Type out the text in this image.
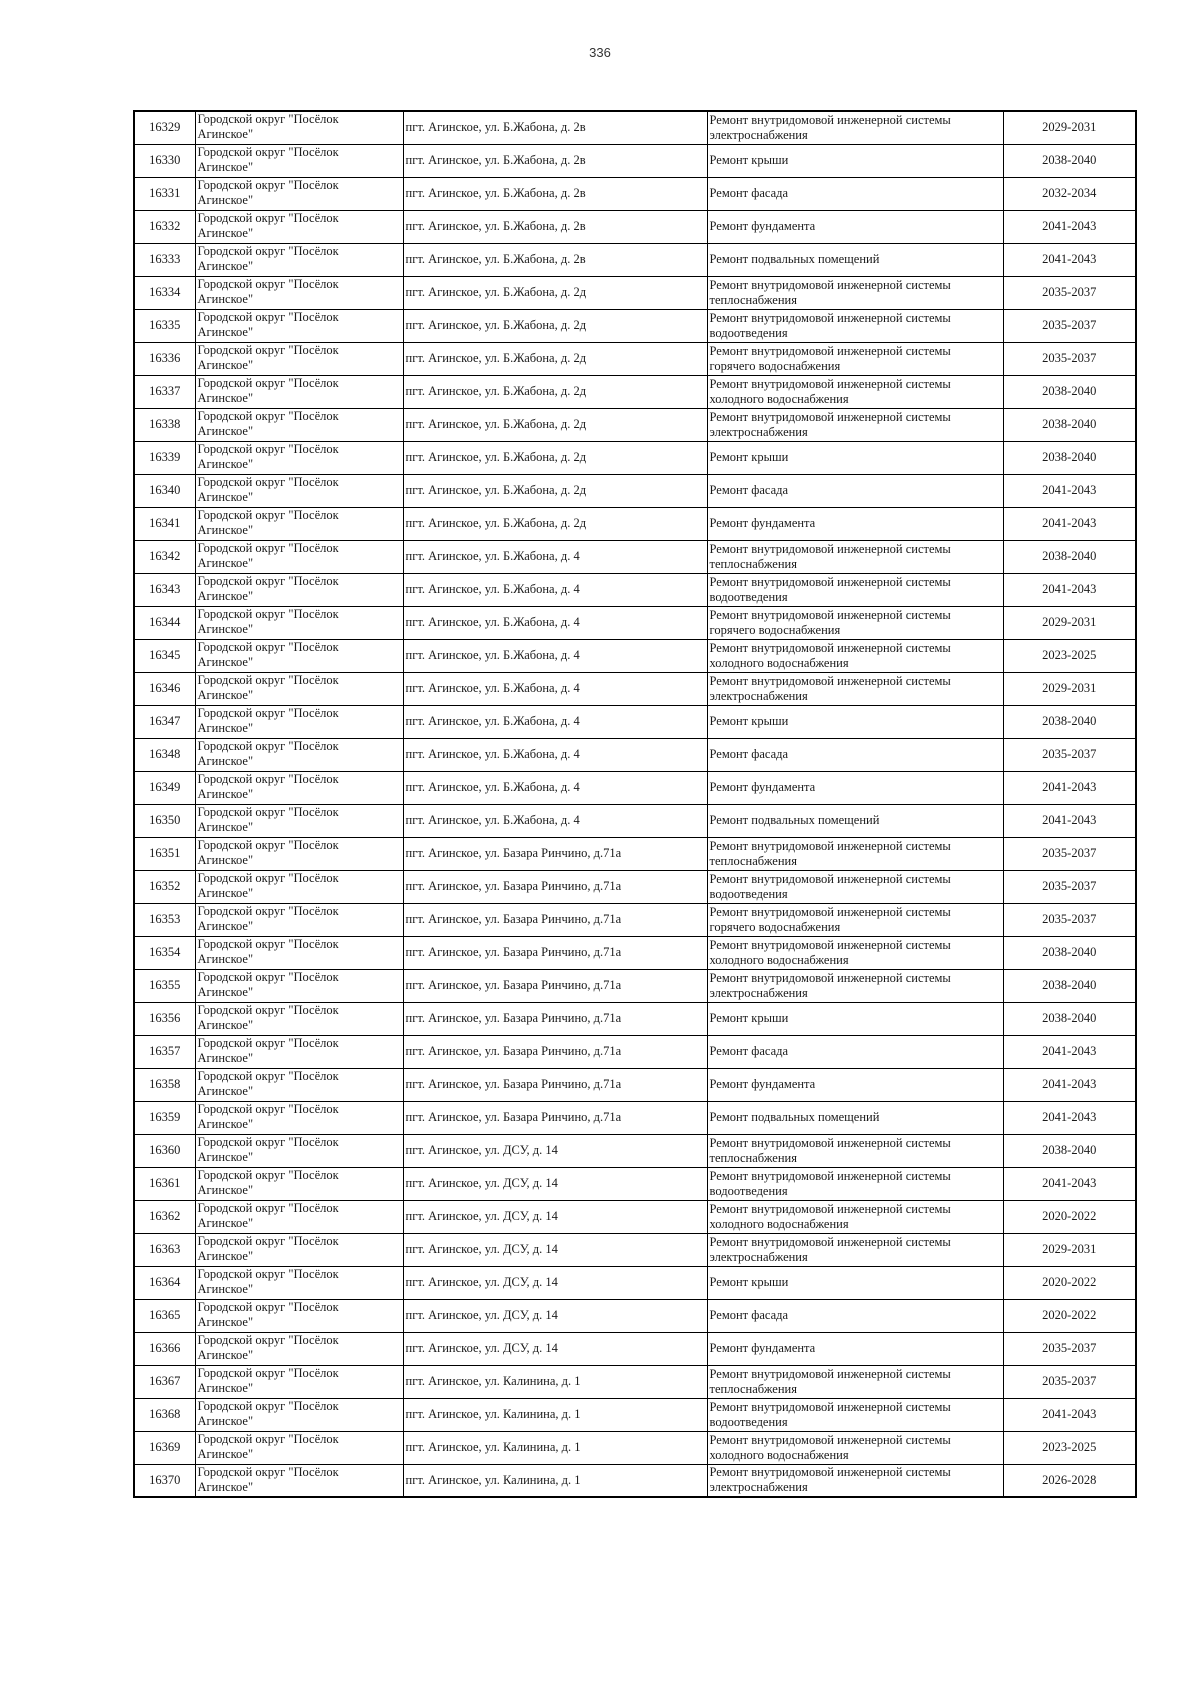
336
16329	Городской округ "Посёлок
Агинское"	пгт. Агинское, ул. Б.Жабона, д. 2в	Ремонт внутридомовой инженерной системы
электроснабжения	2029-2031
16330	Городской округ "Посёлок
Агинское"	пгт. Агинское, ул. Б.Жабона, д. 2в	Ремонт крыши	2038-2040
16331	Городской округ "Посёлок
Агинское"	пгт. Агинское, ул. Б.Жабона, д. 2в	Ремонт фасада	2032-2034
16332	Городской округ "Посёлок
Агинское"	пгт. Агинское, ул. Б.Жабона, д. 2в	Ремонт фундамента	2041-2043
16333	Городской округ "Посёлок
Агинское"	пгт. Агинское, ул. Б.Жабона, д. 2в	Ремонт подвальных помещений	2041-2043
16334	Городской округ "Посёлок
Агинское"	пгт. Агинское, ул. Б.Жабона, д. 2д	Ремонт внутридомовой инженерной системы
теплоснабжения	2035-2037
16335	Городской округ "Посёлок
Агинское"	пгт. Агинское, ул. Б.Жабона, д. 2д	Ремонт внутридомовой инженерной системы
водоотведения	2035-2037
16336	Городской округ "Посёлок
Агинское"	пгт. Агинское, ул. Б.Жабона, д. 2д	Ремонт внутридомовой инженерной системы
горячего водоснабжения	2035-2037
16337	Городской округ "Посёлок
Агинское"	пгт. Агинское, ул. Б.Жабона, д. 2д	Ремонт внутридомовой инженерной системы
холодного водоснабжения	2038-2040
16338	Городской округ "Посёлок
Агинское"	пгт. Агинское, ул. Б.Жабона, д. 2д	Ремонт внутридомовой инженерной системы
электроснабжения	2038-2040
16339	Городской округ "Посёлок
Агинское"	пгт. Агинское, ул. Б.Жабона, д. 2д	Ремонт крыши	2038-2040
16340	Городской округ "Посёлок
Агинское"	пгт. Агинское, ул. Б.Жабона, д. 2д	Ремонт фасада	2041-2043
16341	Городской округ "Посёлок
Агинское"	пгт. Агинское, ул. Б.Жабона, д. 2д	Ремонт фундамента	2041-2043
16342	Городской округ "Посёлок
Агинское"	пгт. Агинское, ул. Б.Жабона, д. 4	Ремонт внутридомовой инженерной системы
теплоснабжения	2038-2040
16343	Городской округ "Посёлок
Агинское"	пгт. Агинское, ул. Б.Жабона, д. 4	Ремонт внутридомовой инженерной системы
водоотведения	2041-2043
16344	Городской округ "Посёлок
Агинское"	пгт. Агинское, ул. Б.Жабона, д. 4	Ремонт внутридомовой инженерной системы
горячего водоснабжения	2029-2031
16345	Городской округ "Посёлок
Агинское"	пгт. Агинское, ул. Б.Жабона, д. 4	Ремонт внутридомовой инженерной системы
холодного водоснабжения	2023-2025
16346	Городской округ "Посёлок
Агинское"	пгт. Агинское, ул. Б.Жабона, д. 4	Ремонт внутридомовой инженерной системы
электроснабжения	2029-2031
16347	Городской округ "Посёлок
Агинское"	пгт. Агинское, ул. Б.Жабона, д. 4	Ремонт крыши	2038-2040
16348	Городской округ "Посёлок
Агинское"	пгт. Агинское, ул. Б.Жабона, д. 4	Ремонт фасада	2035-2037
16349	Городской округ "Посёлок
Агинское"	пгт. Агинское, ул. Б.Жабона, д. 4	Ремонт фундамента	2041-2043
16350	Городской округ "Посёлок
Агинское"	пгт. Агинское, ул. Б.Жабона, д. 4	Ремонт подвальных помещений	2041-2043
16351	Городской округ "Посёлок
Агинское"	пгт. Агинское, ул. Базара Ринчино, д.71а	Ремонт внутридомовой инженерной системы
теплоснабжения	2035-2037
16352	Городской округ "Посёлок
Агинское"	пгт. Агинское, ул. Базара Ринчино, д.71а	Ремонт внутридомовой инженерной системы
водоотведения	2035-2037
16353	Городской округ "Посёлок
Агинское"	пгт. Агинское, ул. Базара Ринчино, д.71а	Ремонт внутридомовой инженерной системы
горячего водоснабжения	2035-2037
16354	Городской округ "Посёлок
Агинское"	пгт. Агинское, ул. Базара Ринчино, д.71а	Ремонт внутридомовой инженерной системы
холодного водоснабжения	2038-2040
16355	Городской округ "Посёлок
Агинское"	пгт. Агинское, ул. Базара Ринчино, д.71а	Ремонт внутридомовой инженерной системы
электроснабжения	2038-2040
16356	Городской округ "Посёлок
Агинское"	пгт. Агинское, ул. Базара Ринчино, д.71а	Ремонт крыши	2038-2040
16357	Городской округ "Посёлок
Агинское"	пгт. Агинское, ул. Базара Ринчино, д.71а	Ремонт фасада	2041-2043
16358	Городской округ "Посёлок
Агинское"	пгт. Агинское, ул. Базара Ринчино, д.71а	Ремонт фундамента	2041-2043
16359	Городской округ "Посёлок
Агинское"	пгт. Агинское, ул. Базара Ринчино, д.71а	Ремонт подвальных помещений	2041-2043
16360	Городской округ "Посёлок
Агинское"	пгт. Агинское, ул. ДСУ, д. 14	Ремонт внутридомовой инженерной системы
теплоснабжения	2038-2040
16361	Городской округ "Посёлок
Агинское"	пгт. Агинское, ул. ДСУ, д. 14	Ремонт внутридомовой инженерной системы
водоотведения	2041-2043
16362	Городской округ "Посёлок
Агинское"	пгт. Агинское, ул. ДСУ, д. 14	Ремонт внутридомовой инженерной системы
холодного водоснабжения	2020-2022
16363	Городской округ "Посёлок
Агинское"	пгт. Агинское, ул. ДСУ, д. 14	Ремонт внутридомовой инженерной системы
электроснабжения	2029-2031
16364	Городской округ "Посёлок
Агинское"	пгт. Агинское, ул. ДСУ, д. 14	Ремонт крыши	2020-2022
16365	Городской округ "Посёлок
Агинское"	пгт. Агинское, ул. ДСУ, д. 14	Ремонт фасада	2020-2022
16366	Городской округ "Посёлок
Агинское"	пгт. Агинское, ул. ДСУ, д. 14	Ремонт фундамента	2035-2037
16367	Городской округ "Посёлок
Агинское"	пгт. Агинское, ул. Калинина, д. 1	Ремонт внутридомовой инженерной системы
теплоснабжения	2035-2037
16368	Городской округ "Посёлок
Агинское"	пгт. Агинское, ул. Калинина, д. 1	Ремонт внутридомовой инженерной системы
водоотведения	2041-2043
16369	Городской округ "Посёлок
Агинское"	пгт. Агинское, ул. Калинина, д. 1	Ремонт внутридомовой инженерной системы
холодного водоснабжения	2023-2025
16370	Городской округ "Посёлок
Агинское"	пгт. Агинское, ул. Калинина, д. 1	Ремонт внутридомовой инженерной системы
электроснабжения	2026-2028
